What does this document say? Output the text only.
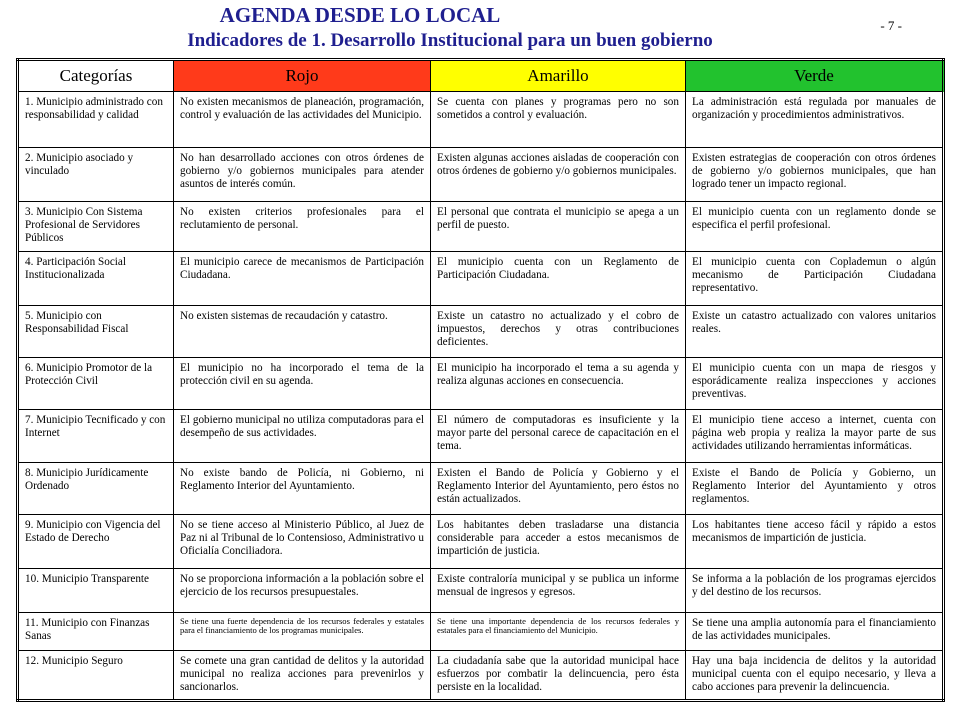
AGENDA DESDE LO LOCAL
Indicadores de 1. Desarrollo Institucional para un buen gobierno
- 7 -
Categorías	Rojo	Amarillo	Verde
1. Municipio administrado con responsabilidad y calidad	No existen mecanismos de planeación, programación, control y evaluación de las actividades del Municipio.	Se cuenta con planes y programas pero no son sometidos a control y evaluación.	La administración está regulada por manuales de organización y procedimientos administrativos.
2. Municipio asociado y vinculado	No han desarrollado acciones con otros órdenes de gobierno y/o gobiernos municipales para atender asuntos de interés común.	Existen algunas acciones aisladas de cooperación con otros órdenes de gobierno y/o gobiernos municipales.	Existen estrategias de cooperación con otros órdenes de gobierno y/o gobiernos municipales, que han logrado tener un impacto regional.
3. Municipio Con Sistema Profesional de Servidores Públicos	No existen criterios profesionales para el reclutamiento de personal.	El personal que contrata el municipio se apega a un perfil de puesto.	El municipio cuenta con un reglamento donde se especifica el perfil profesional.
4. Participación Social Institucionalizada	El municipio carece de mecanismos de Participación Ciudadana.	El municipio cuenta con un Reglamento de Participación Ciudadana.	El municipio cuenta con Coplademun o algún mecanismo de Participación Ciudadana representativo.
5. Municipio con Responsabilidad Fiscal	No existen sistemas de recaudación y catastro.	Existe un catastro no actualizado y el cobro de impuestos, derechos y otras contribuciones deficientes.	Existe un catastro actualizado con valores unitarios reales.
6. Municipio Promotor de la Protección Civil	El municipio no ha incorporado el tema de la protección civil en su agenda.	El municipio ha incorporado el tema a su agenda y realiza algunas acciones en consecuencia.	El municipio cuenta con un mapa de riesgos y esporádicamente realiza inspecciones y acciones preventivas.
7. Municipio Tecnificado y con Internet	El gobierno municipal no utiliza computadoras para el desempeño de sus actividades.	El número de computadoras es insuficiente y la mayor parte del personal carece de capacitación en el tema.	El municipio tiene acceso a internet, cuenta con página web propia y realiza la mayor parte de sus actividades utilizando herramientas informáticas.
8. Municipio Jurídicamente Ordenado	No existe bando de Policía, ni Gobierno, ni Reglamento Interior del Ayuntamiento.	Existen el Bando de Policía y Gobierno y el Reglamento Interior del Ayuntamiento, pero éstos no están actualizados.	Existe el Bando de Policía y Gobierno, un Reglamento Interior del Ayuntamiento y otros reglamentos.
9. Municipio con Vigencia del Estado de Derecho	No se tiene acceso al Ministerio Público, al Juez de Paz ni al Tribunal de lo Contensioso, Administrativo u Oficialía Conciliadora.	Los habitantes deben trasladarse una distancia considerable para acceder a estos mecanismos de impartición de justicia.	Los habitantes tiene acceso fácil y rápido a estos mecanismos de impartición de justicia.
10. Municipio Transparente	No se proporciona información a la población sobre el ejercicio de los recursos presupuestales.	Existe contraloría municipal y se publica un informe mensual de ingresos y egresos.	Se informa a la población de los programas ejercidos y del destino de los recursos.
11. Municipio con Finanzas Sanas	Se tiene una fuerte dependencia de los recursos federales y estatales para el financiamiento de los programas municipales.	Se tiene una importante dependencia de los recursos federales y estatales para el financiamiento del Municipio.	Se tiene una amplia autonomía para el financiamiento de las actividades municipales.
12. Municipio Seguro	Se comete una gran cantidad de delitos y la autoridad municipal no realiza acciones para prevenirlos y sancionarlos.	La ciudadanía sabe que la autoridad municipal hace esfuerzos por combatir la delincuencia, pero ésta persiste en la localidad.	Hay una baja incidencia de delitos y la autoridad municipal cuenta con el equipo necesario, y lleva a cabo acciones para prevenir la delincuencia.
